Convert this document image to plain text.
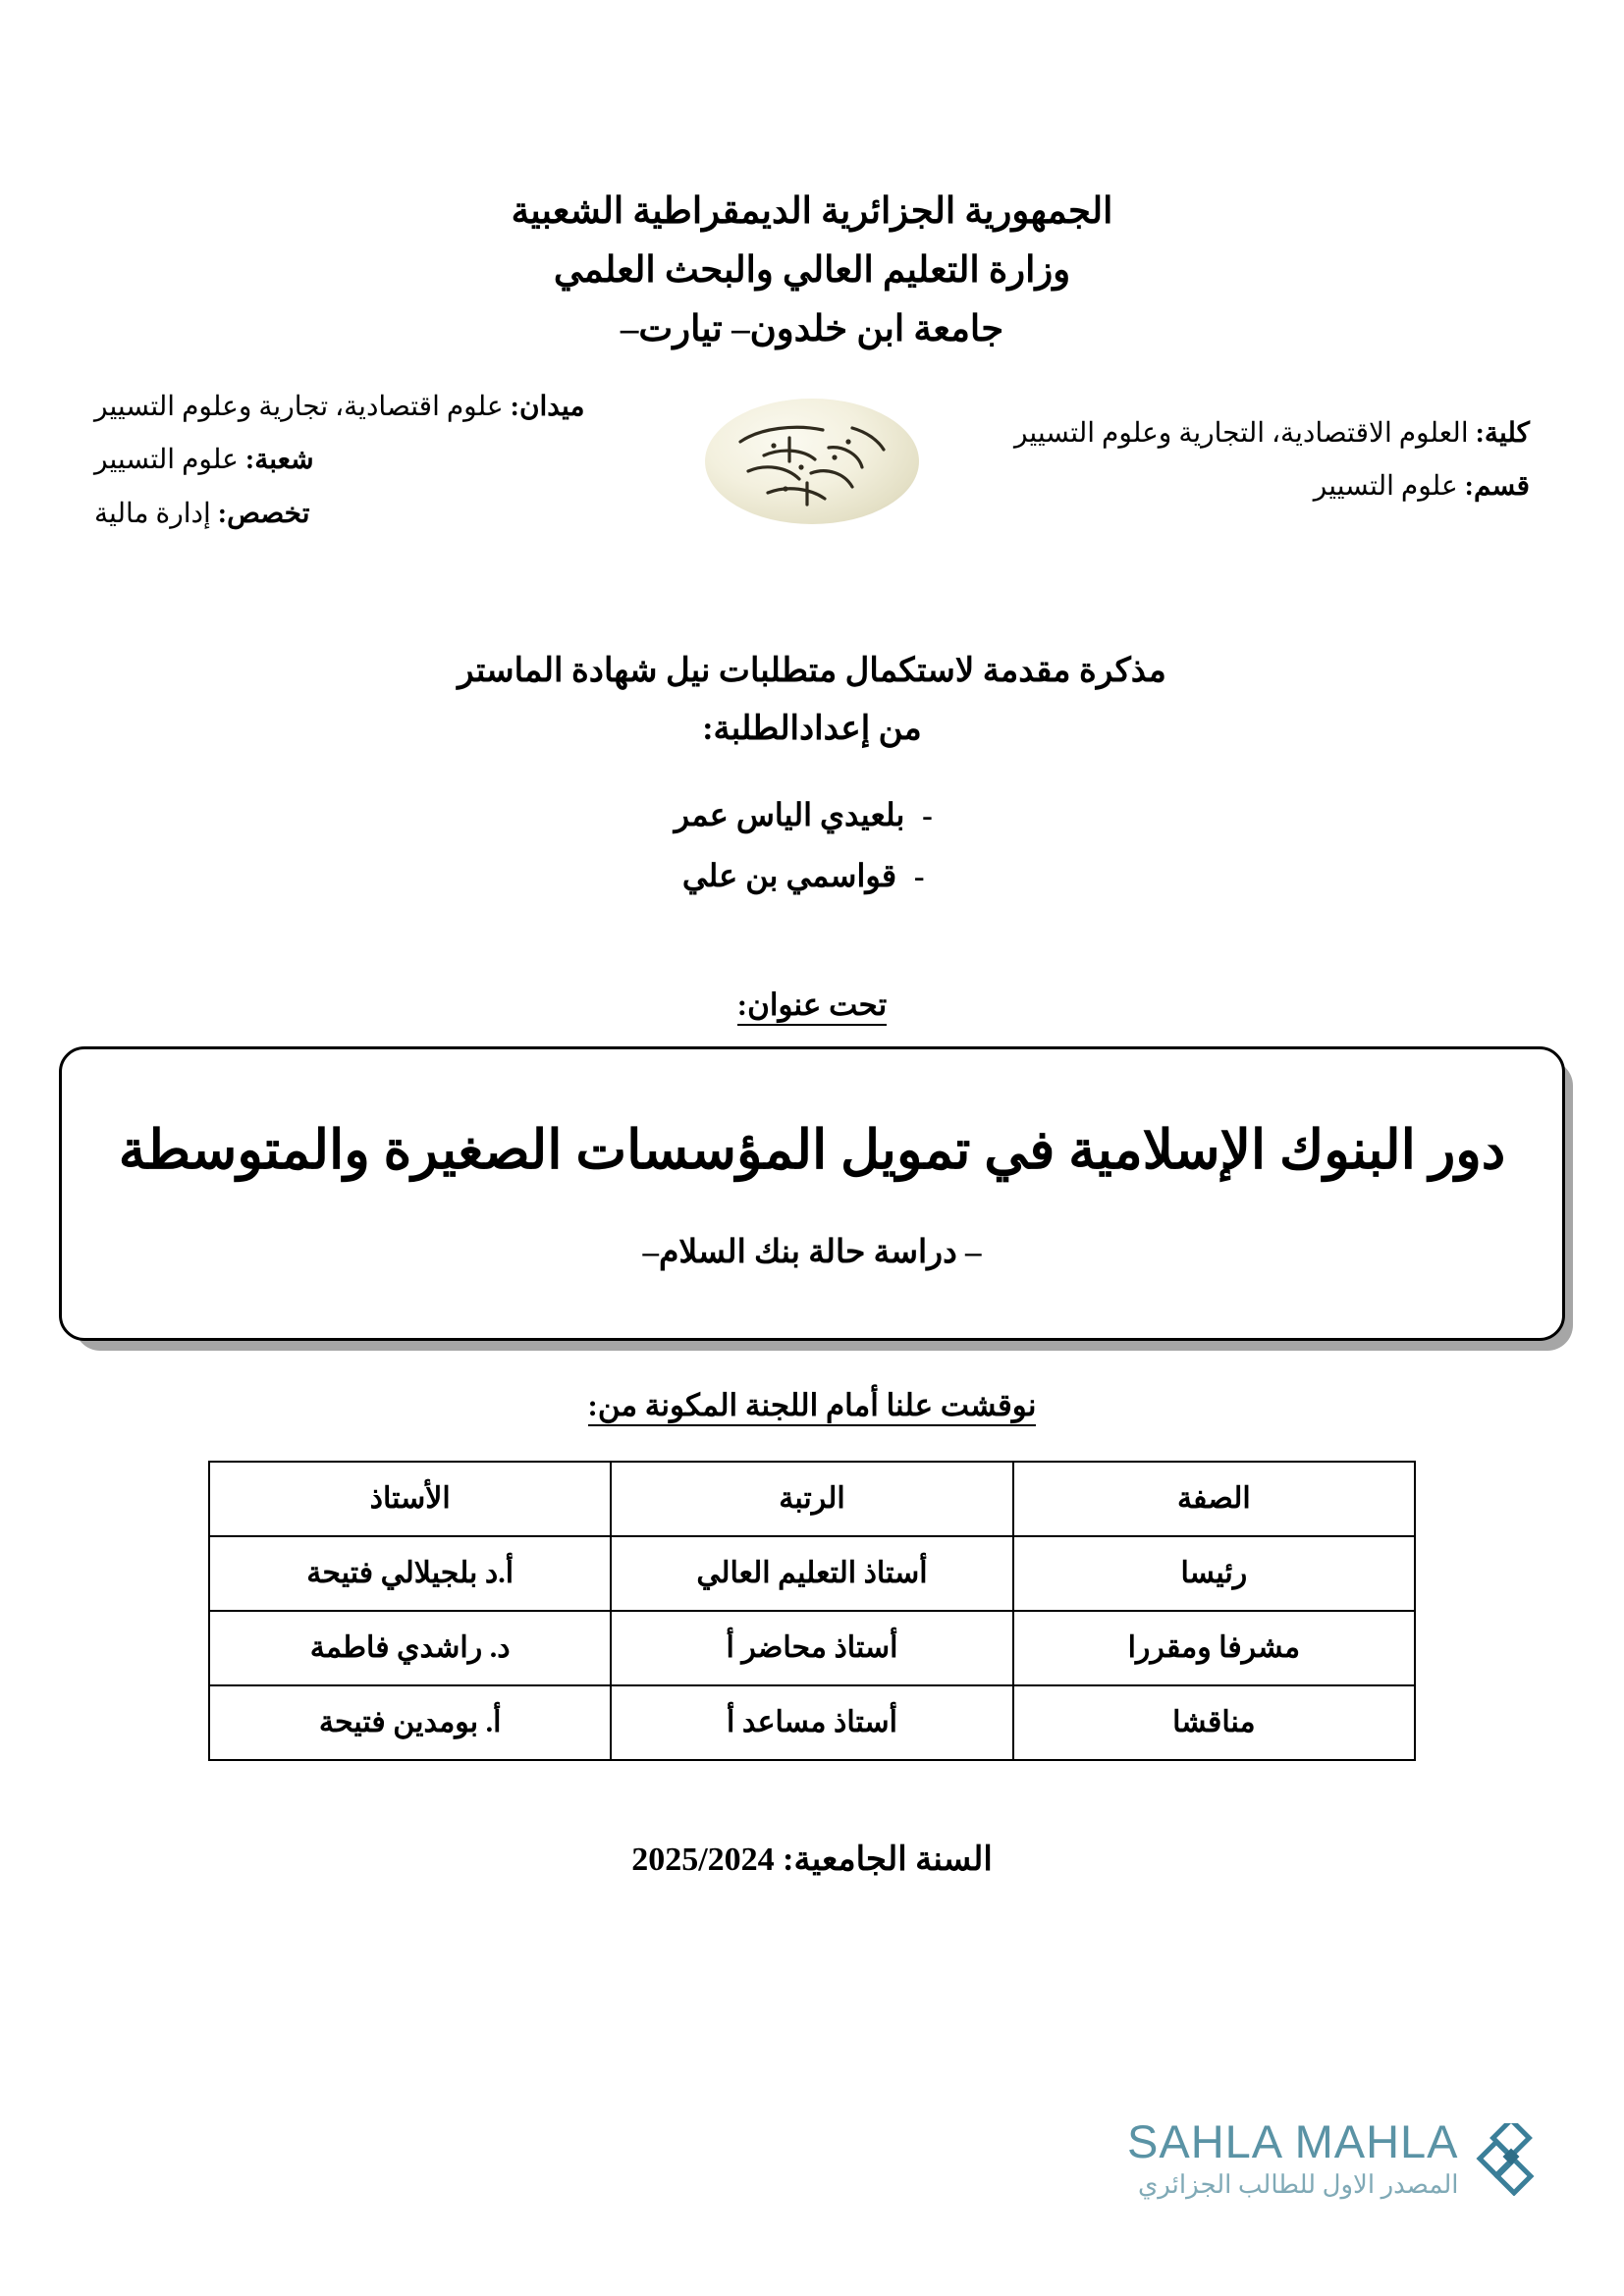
الجمهورية الجزائرية الديمقراطية الشعبية
وزارة التعليم العالي والبحث العلمي
جامعة ابن خلدون– تيارت–
ميدان: علوم اقتصادية، تجارية وعلوم التسيير
شعبة: علوم التسيير
تخصص: إدارة مالية
كلية: العلوم الاقتصادية، التجارية وعلوم التسيير
قسم: علوم التسيير
مذكرة مقدمة لاستكمال متطلبات نيل شهادة الماستر
من إعدادالطلبة:
-بلعيدي الياس عمر
-قواسمي بن علي
تحت عنوان:
دور البنوك الإسلامية في تمويل المؤسسات الصغيرة والمتوسطة
– دراسة حالة بنك السلام–
نوقشت علنا أمام اللجنة المكونة من:
الصفة	الرتبة	الأستاذ
رئيسا	أستاذ التعليم العالي	أ.د بلجيلالي فتيحة
مشرفا ومقررا	أستاذ محاضر أ	د. راشدي فاطمة
مناقشا	أستاذ مساعد أ	أ. بومدين فتيحة
السنة الجامعية: 2025/2024
SAHLA MAHLA
المصدر الاول للطالب الجزائري
